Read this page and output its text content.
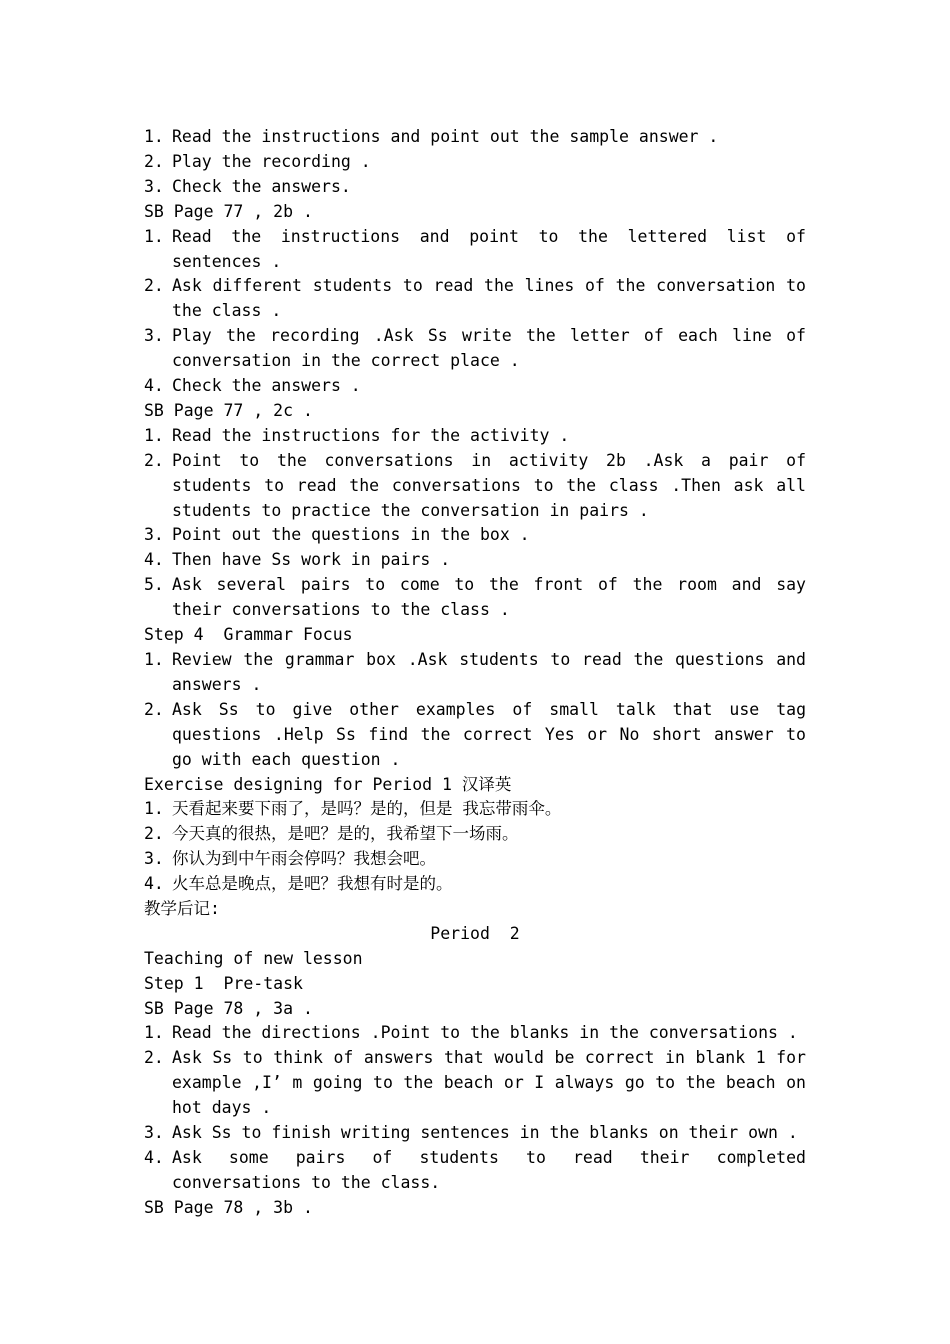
1. Read the instructions and point out the sample answer .
2. Play the recording .
3. Check the answers.
SB Page 77 , 2b .
1. Read the instructions and point to the lettered list of sentences .
2. Ask different students to read the lines of the conversation to the class .
3. Play the recording .Ask Ss write the letter of each line of conversation in the correct place .
4. Check the answers .
SB Page 77 , 2c .
1. Read the instructions for the activity .
2. Point to the conversations in activity 2b .Ask a pair of students to read the conversations to the class .Then ask all students to practice the conversation in pairs .
3. Point out the questions in the box .
4. Then have Ss work in pairs .
5. Ask several pairs to come to the front of the room and say their conversations to the class .
Step 4  Grammar Focus
1. Review the grammar box .Ask students to read the questions and answers .
2. Ask Ss to give other examples of small talk that use tag questions .Help Ss find the correct Yes or No short answer to go with each question .
Exercise designing for Period 1 汉译英
1. 天看起来要下雨了，是吗？是的，但是 我忘带雨伞。
2. 今天真的很热，是吧？是的，我希望下一场雨。
3. 你认为到中午雨会停吗？我想会吧。
4. 火车总是晚点，是吧？我想有时是的。
教学后记:
Period  2
Teaching of new lesson
Step 1  Pre-task
SB Page 78 , 3a .
1. Read the directions .Point to the blanks in the conversations .
2. Ask Ss to think of answers that would be correct in blank 1 for example ,I’ m going to the beach or I always go to the beach on hot days .
3. Ask Ss to finish writing sentences in the blanks on their own .
4. Ask some pairs of students to read their completed conversations to the class.
SB Page 78 , 3b .
